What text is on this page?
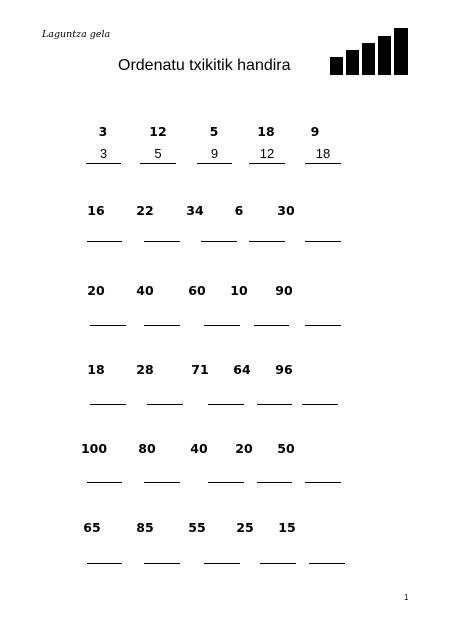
Laguntza gela
Ordenatu txikitik handira
3	12	5	18	9
3	5	9	12	18
16	22	34 6	30
20	40	60 10 90
18	28	71 64 96
100	80	40 20 50
65	85	55 25 15
1
